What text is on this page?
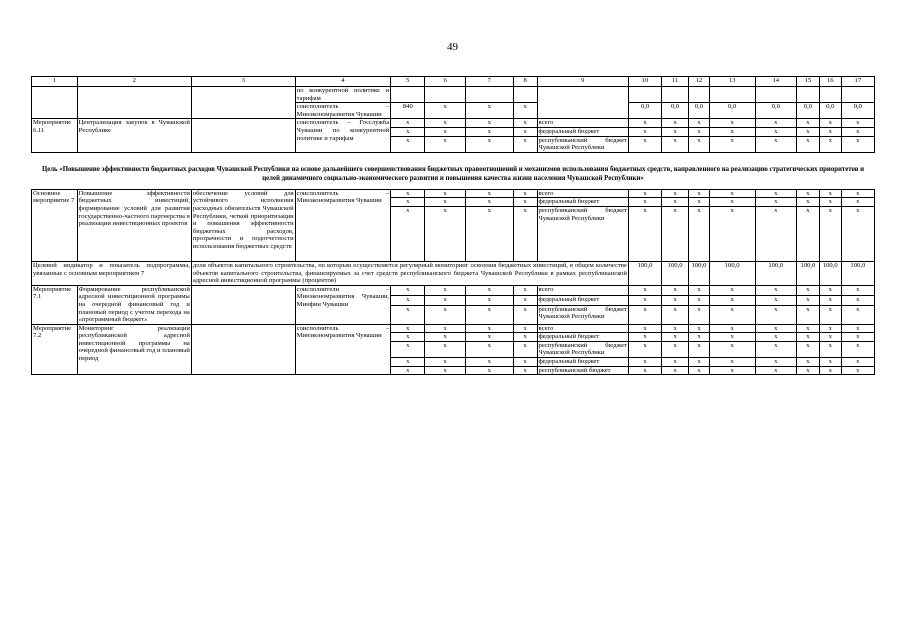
49
1	2	3	4	5	6	7	8	9	10	11	12	13	14	15	16	17
			по конкурентной политике и тарифам													
			соисполнитель – Минэкономразвития Чувашии	840	x	x	x		0,0	0,0	0,0	0,0	0,0	0,0	0,0	0,0
Мероприятие 6.11	Централизация закупок в Чувашской Республике		соисполнитель – Госслужба Чувашии по конкурентной политике и тарифам	x	x	x	x	всего	x	x	x	x	x	x	x	x
				x	x	x	x	федеральный бюджет	x	x	x	x	x	x	x	x
				x	x	x	x	республиканский бюджет Чувашской Республики	x	x	x	x	x	x	x	x
Цель «Повышение эффективности бюджетных расходов Чувашской Республики на основе дальнейшего совершенствования бюджетных правоотношений и механизмов использования бюджетных средств, направленного на реализацию стратегических приоритетов и целей динамичного социально-экономического развития и повышения качества жизни населения Чувашской Республики»																
Основное мероприятие 7	Повышение эффективности бюджетных инвестиций, формирование условий для развития государственно-частного партнерства в реализации инвестиционных проектов	обеспечение условий для устойчивого исполнения расходных обязательств Чувашской Республики, четкой приоритизации и повышения эффективности бюджетных расходов, прозрачности и подотчетности использования бюджетных средств	соисполнитель – Минэкономразвития Чувашии	x	x	x	x	всего	x	x	x	x	x	x	x	x
				x	x	x	x	федеральный бюджет	x	x	x	x	x	x	x	x
				x	x	x	x	республиканский бюджет Чувашской Республики	x	x	x	x	x	x	x	x
Целевой индикатор и показатель подпрограммы, увязанные с основным мероприятием 7		доля объектов капитального строительства, по которым осуществляется регулярный мониторинг освоения бюджетных инвестиций, в общем количестве объектов капитального строительства, финансируемых за счет средств республиканского бюджета Чувашской Республики в рамках республиканской адресной инвестиционной программы (процентов)							100,0	100,0	100,0	100,0	100,0	100,0	100,0	100,0
Мероприятие 7.1	Формирование республиканской адресной инвестиционной программы на очередной финансовый год и плановый период с учетом перехода на «программный бюджет»		соисполнители – Минэкономразвития Чувашии, Минфин Чувашии	x	x	x	x	всего	x	x	x	x	x	x	x	x
				x	x	x	x	федеральный бюджет	x	x	x	x	x	x	x	x
				x	x	x	x	республиканский бюджет Чувашской Республики	x	x	x	x	x	x	x	x
Мероприятие 7.2	Мониторинг реализации республиканской адресной инвестиционной программы на очередной финансовый год и плановый период		соисполнитель – Минэкономразвития Чувашии	x	x	x	x	всего	x	x	x	x	x	x	x	x
				x	x	x	x	федеральный бюджет	x	x	x	x	x	x	x	x
				x	x	x	x	республиканский бюджет Чувашской Республики	x	x	x	x	x	x	x	x
				x	x	x	x	федеральный бюджет	x	x	x	x	x	x	x	x
				x	x	x	x	республиканский бюджет	x	x	x	x	x	x	x	x
